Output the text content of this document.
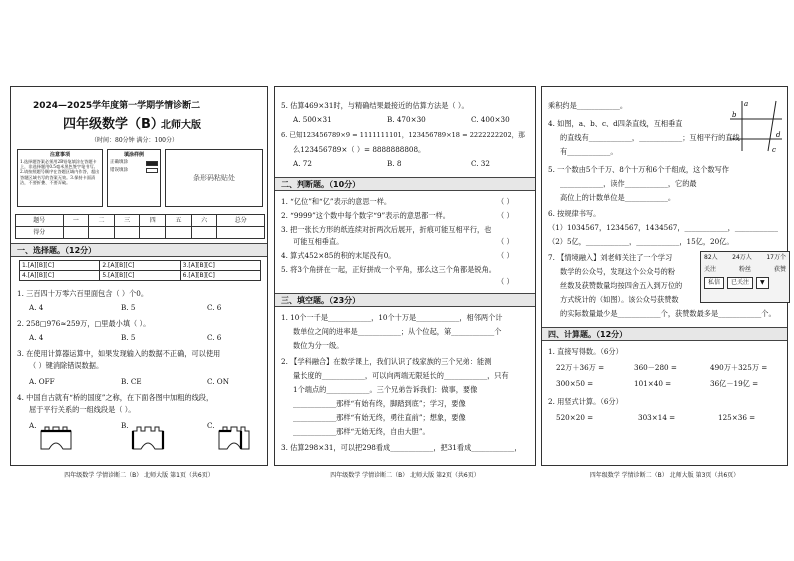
2024—2025学年度第一学期学情诊断二
四年级数学（B）
北师大版
（时间：80分钟 满分：100分）
注意事项
1.选择题答案必须用2B铅笔填涂在答题卡上，非选择题用0.5毫米黑色签字笔书写。2.请按照题号顺序在答题区域内作答，超出答题区域书写的答案无效。3.保持卡面清洁，不要折叠、不要弄破。
填涂样例
正确填涂
错误填涂
条形码粘贴处
题号	一	二	三	四	五	六	总分
得分							
一、选择题。（12分）
1.[A][B][C]	2.[A][B][C]	3.[A][B][C]
4.[A][B][C]	5.[A][B][C]	6.[A][B][C]
1. 三百四十万零六百里面包含（ ）个0。
A. 4	B. 5	C. 6
2. 258□976≈259万，□里最小填（ ）。
A. 4	B. 5	C. 6
3. 在使用计算器运算中，如果发现输入的数据不正确，可以使用
（ ）键消除错误数据。
A. OFF	B. CE	C. ON
4. 中国自古就有“桥的国度”之称，在下面各图中加粗的线段，
屈于平行关系的一组线段是（ ）。
A.	B.	C.
四年级数学 学情诊断二（B） 北师大版 第1页（共6页）
5. 估算469×31时，与精确结果最接近的估算方法是（ ）。
A. 500×31	B. 470×30	C. 400×30
6. 已知123456789×9 = 1111111101，123456789×18 = 2222222202，那
么123456789×（ ）= 8888888808。
A. 72	B. 8	C. 32
二、判断题。（10分）
1. “亿位”和“亿”表示的意思一样。	（ ）
2. “9999”这个数中每个数字“9”表示的意思都一样。	（ ）
3. 把一张长方形的纸连续对折两次后展开，折痕可能互相平行，也
可能互相垂直。	（ ）
4. 算式452×85的积的末尾没有0。	（ ）
5. 将3个角拼在一起，正好拼成一个平角，那么这三个角都是锐角。
（ ）
三、填空题。（23分）
1. 10个一千是____________，10个十万是____________，相邻两个计
数单位之间的进率是____________；从个位起，第____________个
数位为分一级。
2. 【学科融合】在数学课上，我们认识了线家族的三个兄弟：能测
量长度的____________，可以向两端无限延长的____________，只有
1个端点的____________。三个兄弟告诉我们：做事，要像
____________那样“有始有终，脚踏到底”；学习，要像
____________那样“有始无终，勇往直前”；想象，要像
____________那样“无始无终，自由大胆”。
3. 估算298×31，可以把298看成____________，把31看成____________，
四年级数学 学情诊断二（B） 北师大版 第2页（共6页）
乘积约是____________。
4. 如图，a、b、c、d四条直线，互相垂直
的直线有____________，____________；互相平行的直线
有____________。
a
b
c
d
5. 一个数由5个千万、8个十万和6个千组成，这个数写作
____________，读作____________，它的最
高位上的计数单位是____________。
6. 按规律书写。
（1）1034567，1234567，1434567，____________，____________
（2）5亿，____________，____________，15亿，20亿。
7. 【情境融入】刘老师关注了一个学习
数学的公众号，发现这个公众号的粉
丝数及获赞数量均按四舍五入到万位的
方式统计的（如图）。该公众号获赞数
的实际数量最少是____________个，获赞数最多是____________个。
82人 24万人 17万个
关注	粉丝	获赞
私信	已关注	▼
四、计算题。（12分）
1. 直接写得数。（6分）
22万＋36万 =	360－280 =	490万＋325万 =
300×50 =	101×40 =	36亿－19亿 =
2. 用竖式计算。（6分）
520×20 =	303×14 =	125×36 =
四年级数学 学情诊断二（B） 北师大版 第3页（共6页）
